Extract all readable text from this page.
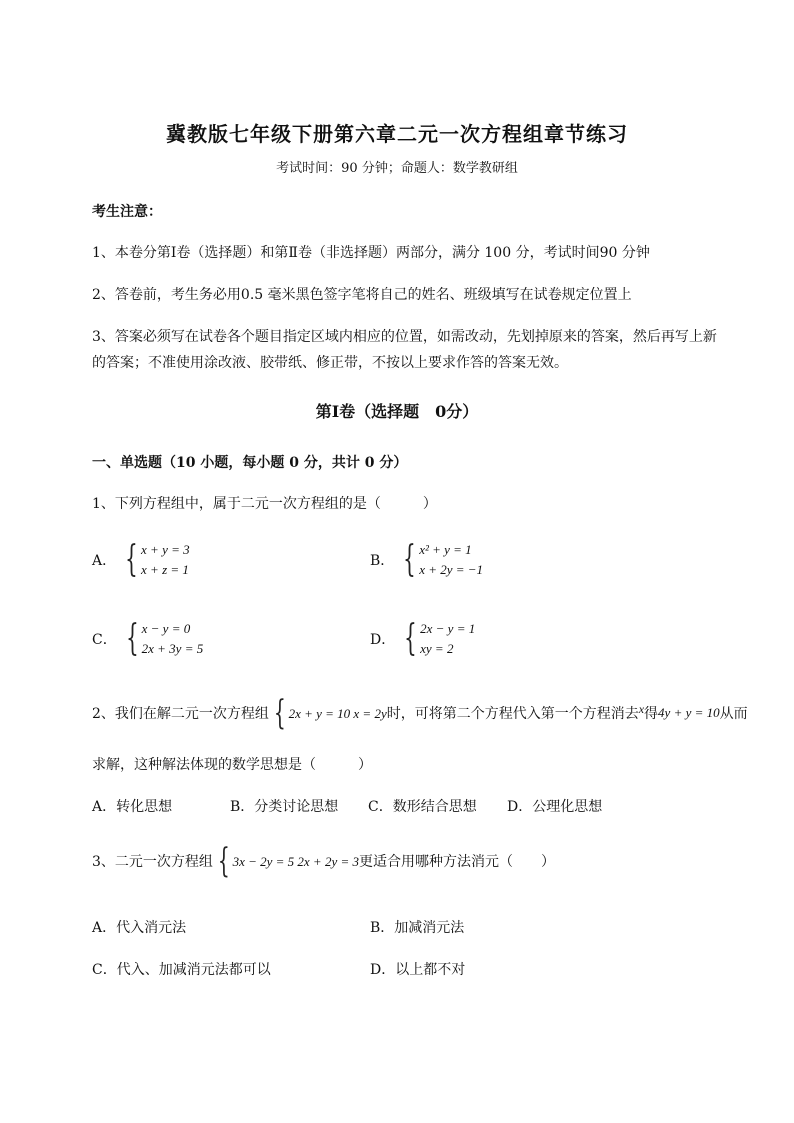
冀教版七年级下册第六章二元一次方程组章节练习
考试时间：90 分钟；命题人：数学教研组
考生注意：
1、本卷分第Ⅰ卷（选择题）和第Ⅱ卷（非选择题）两部分，满分 100 分，考试时间90 分钟
2、答卷前，考生务必用0.5 毫米黑色签字笔将自己的姓名、班级填写在试卷规定位置上
3、答案必须写在试卷各个题目指定区域内相应的位置，如需改动，先划掉原来的答案，然后再写上新
的答案；不准使用涂改液、胶带纸、修正带，不按以上要求作答的答案无效。
第Ⅰ卷（选择题　0分）
一、单选题（10 小题，每小题 0 分，共计 0 分）
1、下列方程组中，属于二元一次方程组的是（　　　）
A． { x + y = 3
x + z = 1
B． { x² + y = 1
x + 2y = −1
C． { x − y = 0
2x + 3y = 5
D． { 2x − y = 1
xy = 2
2、我们在解二元一次方程组 { 2x + y = 10 x = 2y 时，可将第二个方程代入第一个方程消去 x 得 4y + y = 10 从而
求解，这种解法体现的数学思想是（　　　）
A．转化思想	B．分类讨论思想 C．数形结合思想 D．公理化思想
3、二元一次方程组 { 3x − 2y = 5 2x + 2y = 3 更适合用哪种方法消元（　　）
A．代入消元法	B．加减消元法
C．代入、加减消元法都可以	D．以上都不对
